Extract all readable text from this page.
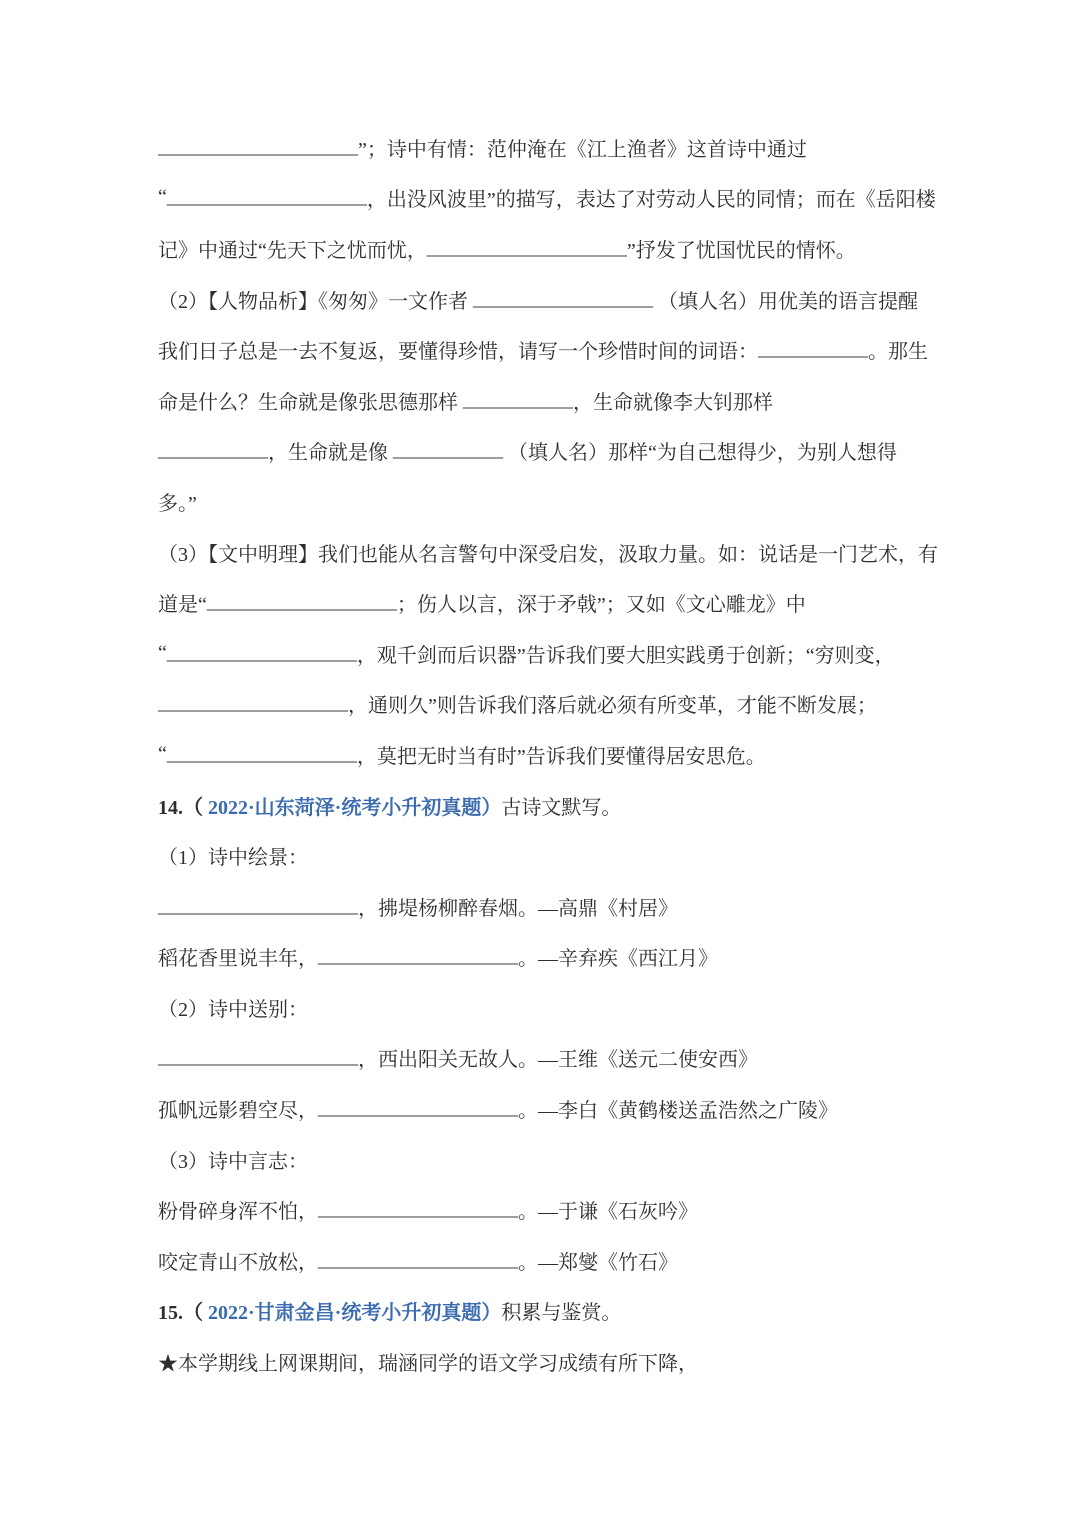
____________________ ”；诗中有情：范仲淹在《江上渔者》这首诗中通过
“ ____________________ ，出没风波里”的描写，表达了对劳动人民的同情；而在《岳阳楼
记》中通过“先天下之忧而忧， ____________________ ”抒发了忧国忧民的情怀。
（2）【人物品析】《匆匆》一文作者 __________________ （填人名）用优美的语言提醒
我们日子总是一去不复返，要懂得珍惜，请写一个珍惜时间的词语： ___________ 。那生
命是什么？生命就是像张思德那样 ___________ ，生命就像李大钊那样
___________ ，生命就是像 ___________ （填人名）那样“为自己想得少，为别人想得
多。”
（3）【文中明理】我们也能从名言警句中深受启发，汲取力量。如：说话是一门艺术，有
道是“ ___________________ ；伤人以言，深于矛戟”；又如《文心雕龙》中
“ ___________________ ，观千剑而后识器”告诉我们要大胆实践勇于创新；“穷则变，
___________________ ，通则久”则告诉我们落后就必须有所变革，才能不断发展；
“ ___________________ ，莫把无时当有时”告诉我们要懂得居安思危。
14.（ 2022·山东菏泽·统考小升初真题 ） 古诗文默写。
（1）诗中绘景：
____________________ ，拂堤杨柳醉春烟。—高鼎《村居》
稻花香里说丰年， ____________________ 。—辛弃疾《西江月》
（2）诗中送别：
____________________ ，西出阳关无故人。—王维《送元二使安西》
孤帆远影碧空尽， ____________________ 。—李白《黄鹤楼送孟浩然之广陵》
（3）诗中言志：
粉骨碎身浑不怕， ____________________ 。—于谦《石灰吟》
咬定青山不放松， ____________________ 。—郑燮《竹石》
15.（ 2022·甘肃金昌·统考小升初真题 ） 积累与鉴赏。
★本学期线上网课期间，瑞涵同学的语文学习成绩有所下降，
